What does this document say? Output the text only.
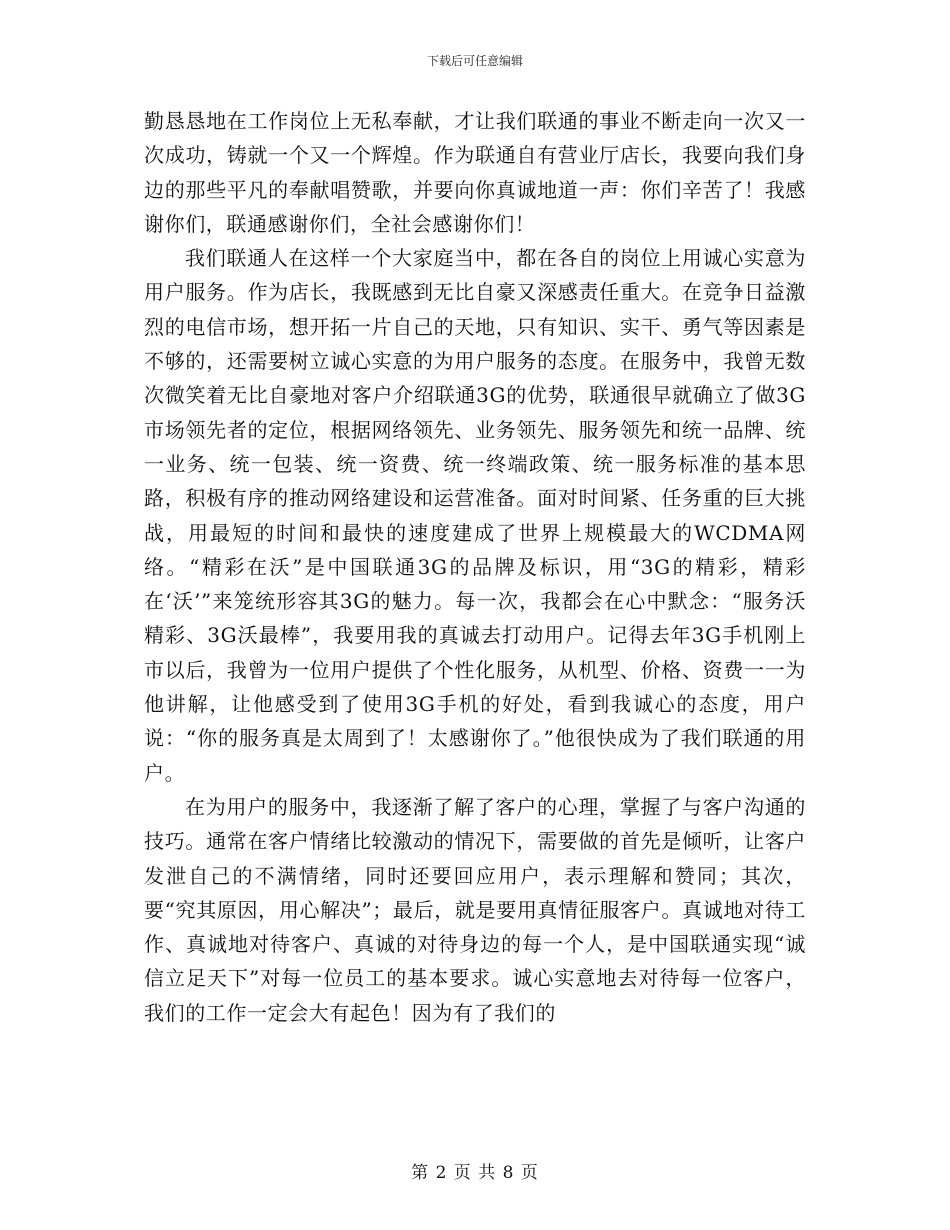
下载后可任意编辑

勤恳恳地在工作岗位上无私奉献，才让我们联通的事业不断走向一次又一次成功，铸就一个又一个辉煌。作为联通自有营业厅店长，我要向我们身边的那些平凡的奉献唱赞歌，并要向你真诚地道一声：你们辛苦了！我感谢你们，联通感谢你们，全社会感谢你们！

我们联通人在这样一个大家庭当中，都在各自的岗位上用诚心实意为用户服务。作为店长，我既感到无比自豪又深感责任重大。在竞争日益激烈的电信市场，想开拓一片自己的天地，只有知识、实干、勇气等因素是不够的，还需要树立诚心实意的为用户服务的态度。在服务中，我曾无数次微笑着无比自豪地对客户介绍联通3G的优势，联通很早就确立了做3G市场领先者的定位，根据网络领先、业务领先、服务领先和统一品牌、统一业务、统一包装、统一资费、统一终端政策、统一服务标准的基本思路，积极有序的推动网络建设和运营准备。面对时间紧、任务重的巨大挑战，用最短的时间和最快的速度建成了世界上规模最大的WCDMA网络。“精彩在沃”是中国联通3G的品牌及标识，用“3G的精彩，精彩在‘沃’”来笼统形容其3G的魅力。每一次，我都会在心中默念：“服务沃精彩、3G沃最棒”，我要用我的真诚去打动用户。记得去年3G手机刚上市以后，我曾为一位用户提供了个性化服务，从机型、价格、资费一一为他讲解，让他感受到了使用3G手机的好处，看到我诚心的态度，用户说：“你的服务真是太周到了！太感谢你了。”他很快成为了我们联通的用户。

在为用户的服务中，我逐渐了解了客户的心理，掌握了与客户沟通的技巧。通常在客户情绪比较激动的情况下，需要做的首先是倾听，让客户发泄自己的不满情绪，同时还要回应用户，表示理解和赞同；其次，要“究其原因，用心解决”；最后，就是要用真情征服客户。真诚地对待工作、真诚地对待客户、真诚的对待身边的每一个人，是中国联通实现“诚信立足天下”对每一位员工的基本要求。诚心实意地去对待每一位客户，我们的工作一定会大有起色！因为有了我们的

第 2 页 共 8 页
